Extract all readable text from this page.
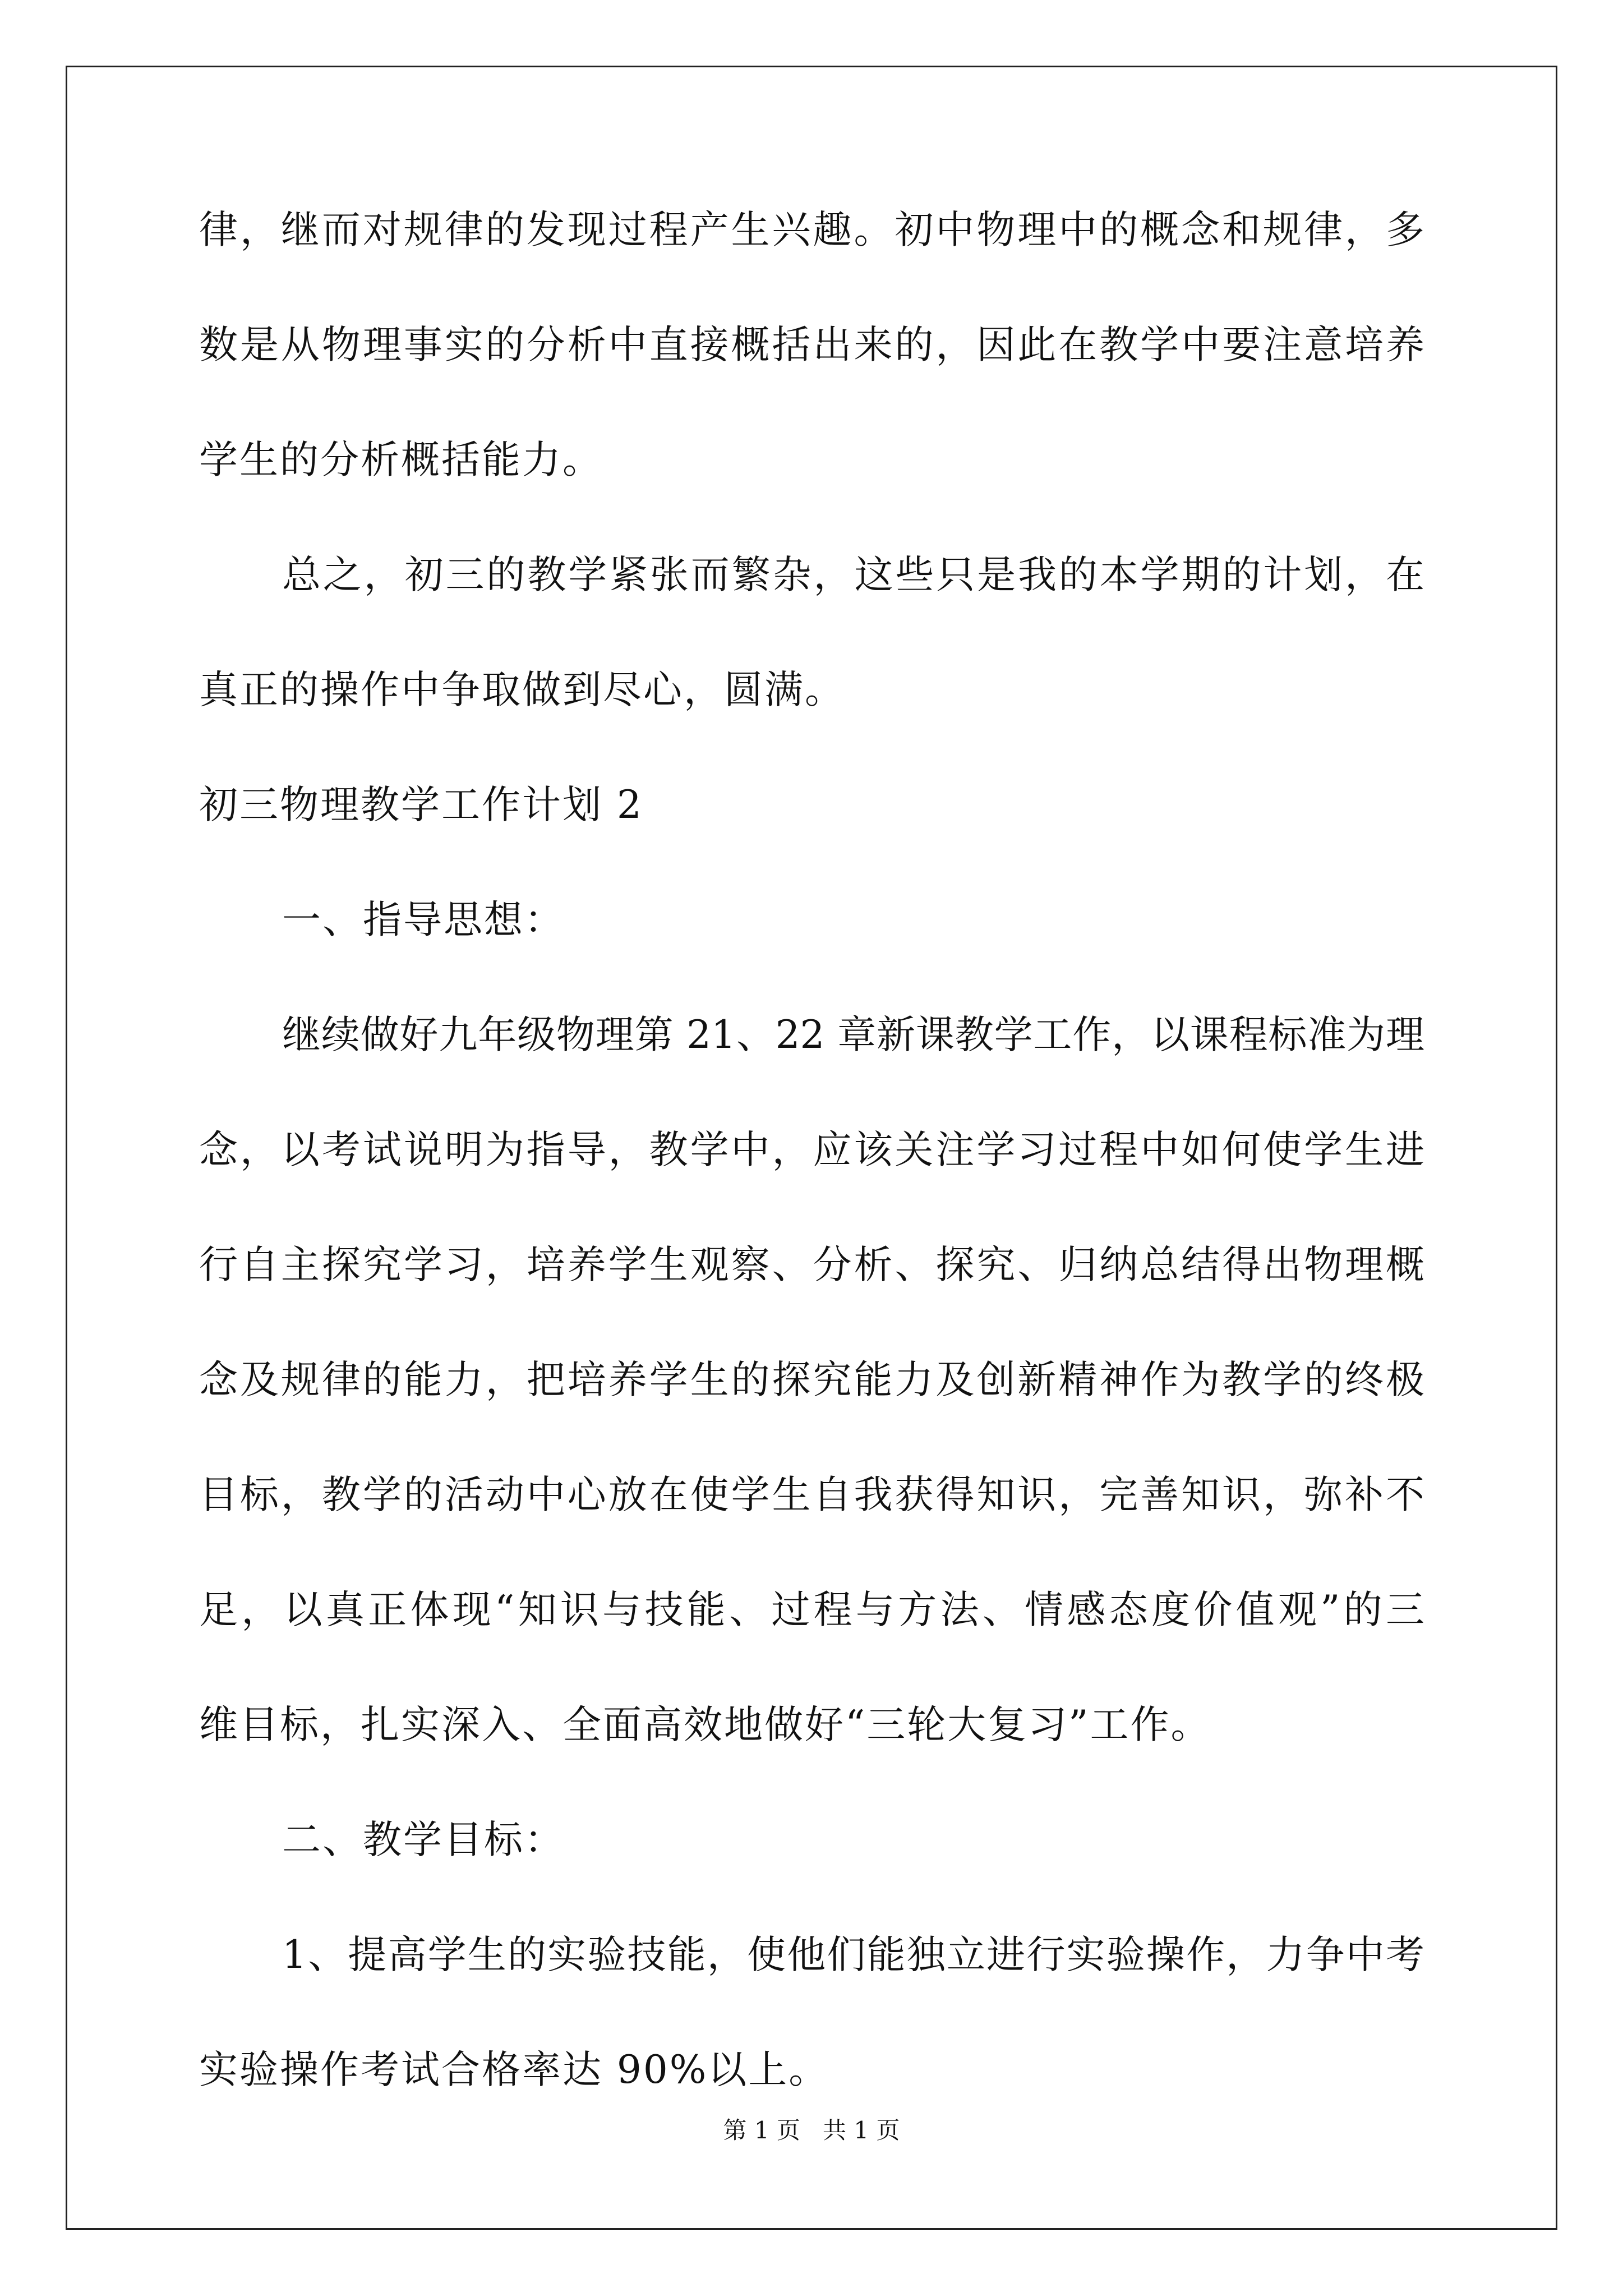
律，继而对规律的发现过程产生兴趣。初中物理中的概念和规律，多
数是从物理事实的分析中直接概括出来的，因此在教学中要注意培养
学生的分析概括能力。
总之，初三的教学紧张而繁杂，这些只是我的本学期的计划，在
真正的操作中争取做到尽心，圆满。
初三物理教学工作计划 2
一、指导思想：
继续做好九年级物理第 21、22 章新课教学工作，以课程标准为理
念，以考试说明为指导，教学中，应该关注学习过程中如何使学生进
行自主探究学习，培养学生观察、分析、探究、归纳总结得出物理概
念及规律的能力，把培养学生的探究能力及创新精神作为教学的终极
目标，教学的活动中心放在使学生自我获得知识，完善知识，弥补不
足，以真正体现“知识与技能、过程与方法、情感态度价值观”的三
维目标，扎实深入、全面高效地做好“三轮大复习”工作。
二、教学目标：
1、提高学生的实验技能，使他们能独立进行实验操作，力争中考
实验操作考试合格率达 90%以上。
第 1 页   共 1 页
